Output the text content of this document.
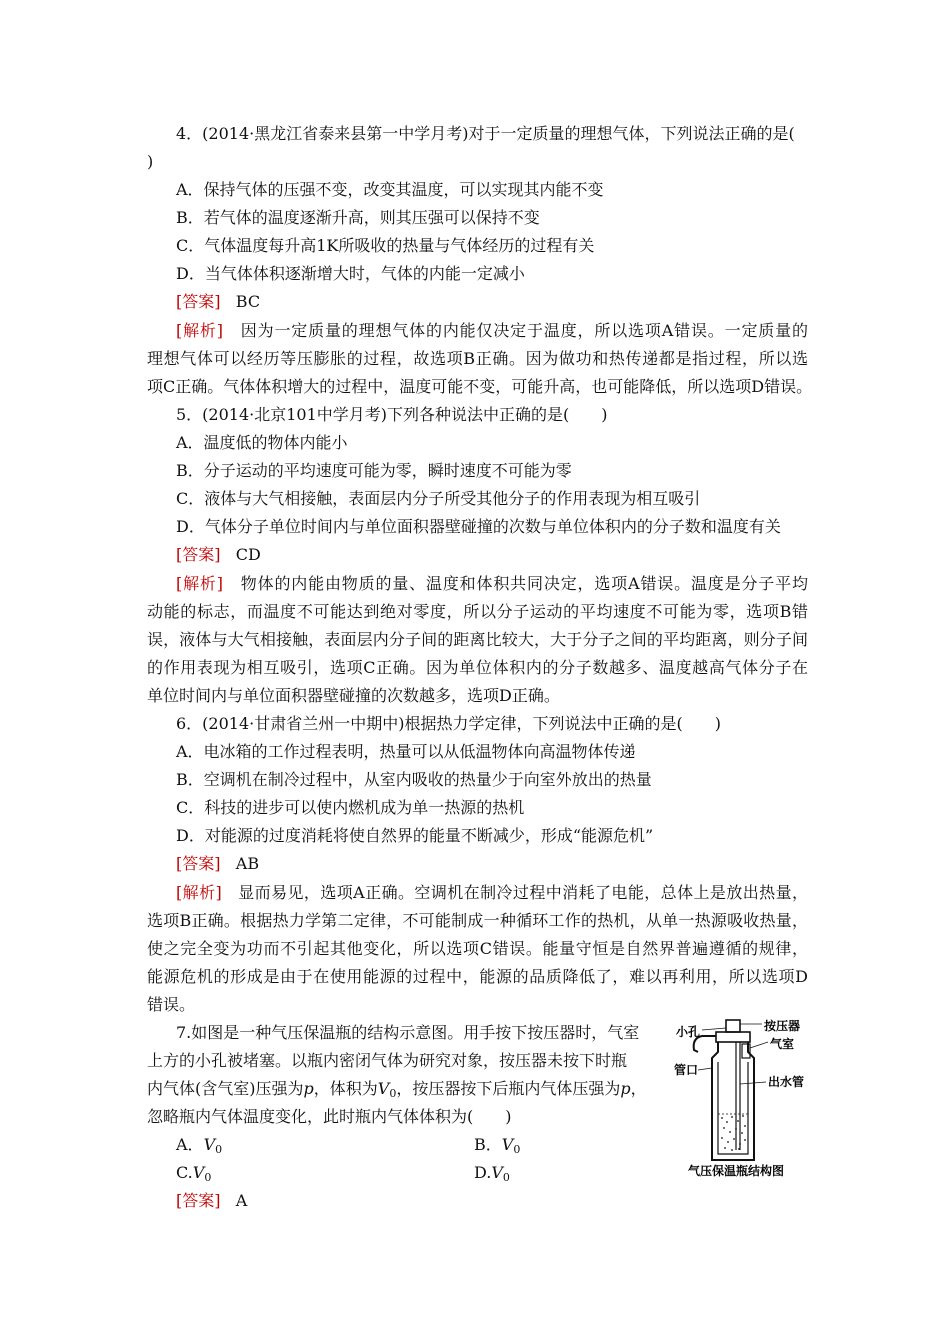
4．(2014·黑龙江省泰来县第一中学月考)对于一定质量的理想气体，下列说法正确的是(
)
A．保持气体的压强不变，改变其温度，可以实现其内能不变
B．若气体的温度逐渐升高，则其压强可以保持不变
C．气体温度每升高1K所吸收的热量与气体经历的过程有关
D．当气体体积逐渐增大时，气体的内能一定减小
[答案] BC
[解析] 因为一定质量的理想气体的内能仅决定于温度，所以选项A错误。一定质量的
理想气体可以经历等压膨胀的过程，故选项B正确。因为做功和热传递都是指过程，所以选
项C正确。气体体积增大的过程中，温度可能不变，可能升高，也可能降低，所以选项D错误。
5．(2014·北京101中学月考)下列各种说法中正确的是(　　)
A．温度低的物体内能小
B．分子运动的平均速度可能为零，瞬时速度不可能为零
C．液体与大气相接触，表面层内分子所受其他分子的作用表现为相互吸引
D．气体分子单位时间内与单位面积器壁碰撞的次数与单位体积内的分子数和温度有关
[答案] CD
[解析] 物体的内能由物质的量、温度和体积共同决定，选项A错误。温度是分子平均
动能的标志，而温度不可能达到绝对零度，所以分子运动的平均速度不可能为零，选项B错
误，液体与大气相接触，表面层内分子间的距离比较大，大于分子之间的平均距离，则分子间
的作用表现为相互吸引，选项C正确。因为单位体积内的分子数越多、温度越高气体分子在
单位时间内与单位面积器壁碰撞的次数越多，选项D正确。
6．(2014·甘肃省兰州一中期中)根据热力学定律，下列说法中正确的是(　　)
A．电冰箱的工作过程表明，热量可以从低温物体向高温物体传递
B．空调机在制冷过程中，从室内吸收的热量少于向室外放出的热量
C．科技的进步可以使内燃机成为单一热源的热机
D．对能源的过度消耗将使自然界的能量不断减少，形成“能源危机”
[答案] AB
[解析] 显而易见，选项A正确。空调机在制冷过程中消耗了电能，总体上是放出热量，
选项B正确。根据热力学第二定律，不可能制成一种循环工作的热机，从单一热源吸收热量，
使之完全变为功而不引起其他变化，所以选项C错误。能量守恒是自然界普遍遵循的规律，
能源危机的形成是由于在使用能源的过程中，能源的品质降低了，难以再利用，所以选项D
错误。
7.如图是一种气压保温瓶的结构示意图。用手按下按压器时，气室
上方的小孔被堵塞。以瓶内密闭气体为研究对象，按压器未按下时瓶
内气体(含气室)压强为p，体积为$V_0$，按压器按下后瓶内气体压强为p，
忽略瓶内气体温度变化，此时瓶内气体体积为(　　)
A．$V_0$	B．$V_0$
$C.V_0$	$D.V_0$
[答案] A
小孔	按压器
气室
管口
出水管
气压保温瓶结构图
